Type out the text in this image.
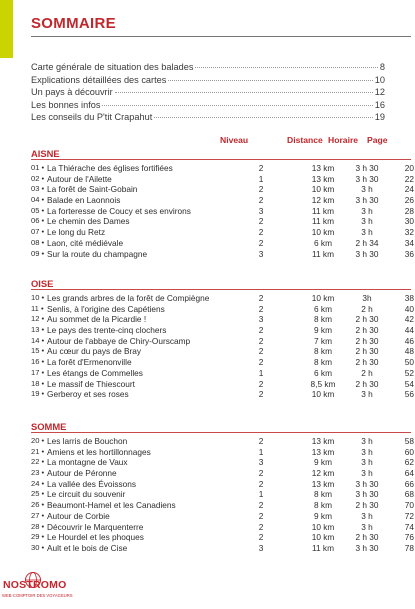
SOMMAIRE
Carte générale de situation des balades	8
Explications détaillées des cartes	10
Un pays à découvrir	12
Les bonnes infos	16
Les conseils du P'tit Crapahut	19
Niveau	Distance Horaire Page
AISNE
01 • La Thiérache des églises fortifiées	2	13 km	3 h 30	20
02 • Autour de l'Ailette	1	13 km	3 h 30	22
03 • La forêt de Saint-Gobain	2	10 km	3 h	24
04 • Balade en Laonnois	2	12 km	3 h 30	26
05 • La forteresse de Coucy et ses environs	3	11 km	3 h	28
06 • Le chemin des Dames	2	11 km	3 h	30
07 • Le long du Retz	2	10 km	3 h	32
08 • Laon, cité médiévale	2	6 km	2 h 34	34
09 • Sur la route du champagne	3	11 km	3 h 30	36
OISE
10 • Les grands arbres de la forêt de Compiègne	2	10 km	3h	38
11 • Senlis, à l'origine des Capétiens	2	6 km	2 h	40
12 • Au sommet de la Picardie !	3	8 km	2 h 30	42
13 • Le pays des trente-cinq clochers	2	9 km	2 h 30	44
14 • Autour de l'abbaye de Chiry-Ourscamp	2	7 km	2 h 30	46
15 • Au cœur du pays de Bray	2	8 km	2 h 30	48
16 • La forêt d'Ermenonville	2	8 km	2 h 30	50
17 • Les étangs de Commelles	1	6 km	2 h	52
18 • Le massif de Thiescourt	2	8,5 km	2 h 30	54
19 • Gerberoy et ses roses	2	10 km	3 h	56
SOMME
20 • Les larris de Bouchon	2	13 km	3 h	58
21 • Amiens et les hortillonnages	1	13 km	3 h	60
22 • La montagne de Vaux	3	9 km	3 h	62
23 • Autour de Péronne	2	12 km	3 h	64
24 • La vallée des Évoissons	2	13 km	3 h 30	66
25 • Le circuit du souvenir	1	8 km	3 h 30	68
26 • Beaumont-Hamel et les Canadiens	2	8 km	2 h 30	70
27 • Autour de Corbie	2	9 km	3 h	72
28 • Découvrir le Marquenterre	2	10 km	3 h	74
29 • Le Hourdel et les phoques	2	10 km	2 h 30	76
30 • Ault et le bois de Cise	3	11 km	3 h 30	78
NOSTROMO
WEB·COMPTOIR DES VOYAGEURS
